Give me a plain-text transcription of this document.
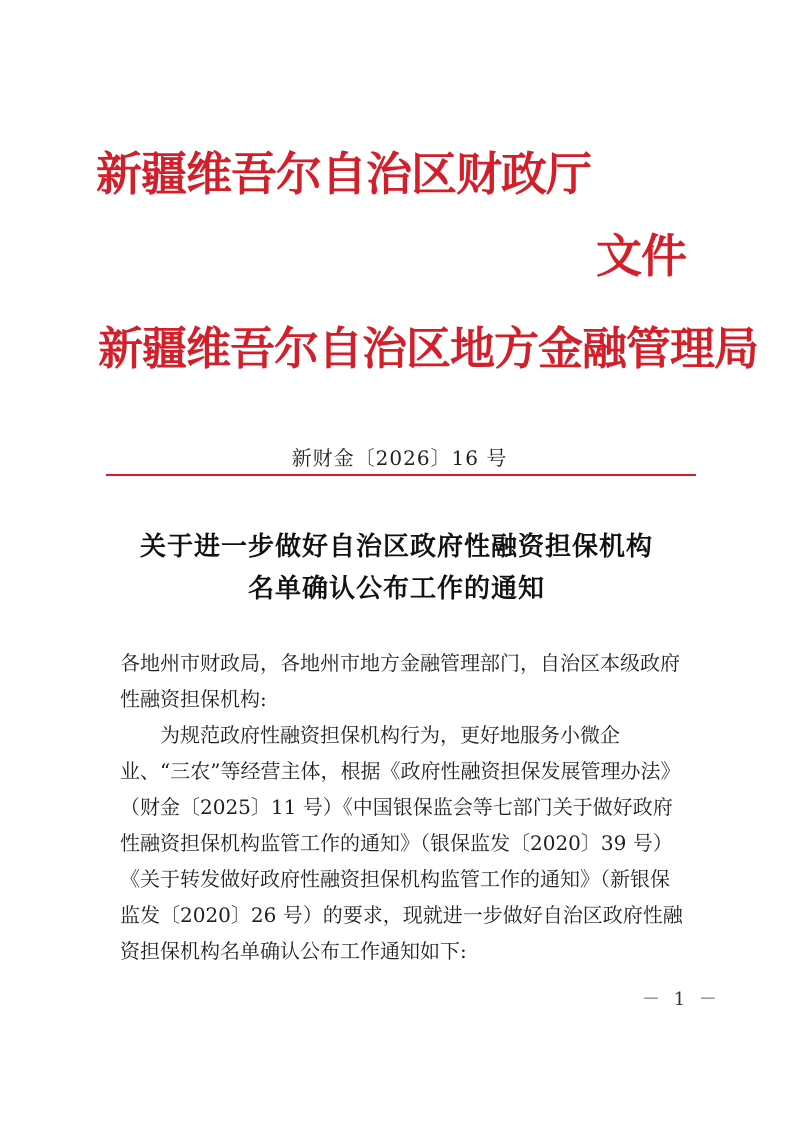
新疆维吾尔自治区财政厅
文件
新疆维吾尔自治区地方金融管理局
新财金〔2026〕16 号
关于进一步做好自治区政府性融资担保机构
名单确认公布工作的通知
各地州市财政局，各地州市地方金融管理部门，自治区本级政府性融资担保机构:
为规范政府性融资担保机构行为，更好地服务小微企业、“三农”等经营主体，根据《政府性融资担保发展管理办法》（财金〔2025〕11 号）《中国银保监会等七部门关于做好政府性融资担保机构监管工作的通知》（银保监发〔2020〕39 号）《关于转发做好政府性融资担保机构监管工作的通知》（新银保监发〔2020〕26 号）的要求，现就进一步做好自治区政府性融资担保机构名单确认公布工作通知如下:
－ 1 －
